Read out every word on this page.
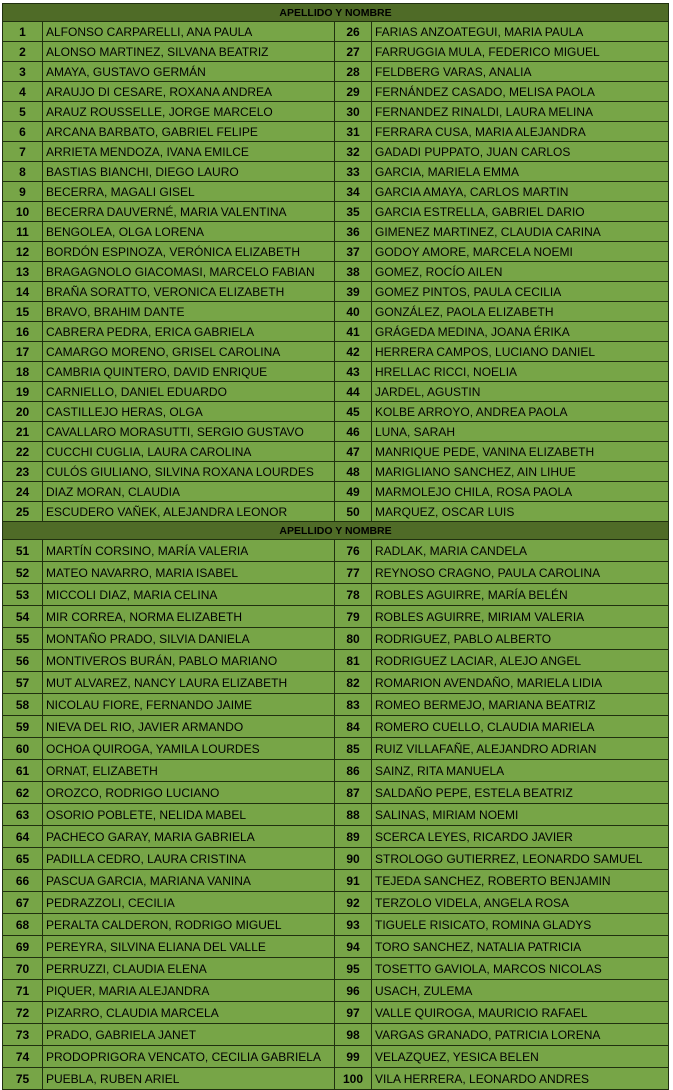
APELLIDO Y NOMBRE			
1	ALFONSO CARPARELLI, ANA PAULA	26	FARIAS ANZOATEGUI, MARIA PAULA
2	ALONSO MARTINEZ, SILVANA BEATRIZ	27	FARRUGGIA MULA, FEDERICO MIGUEL
3	AMAYA, GUSTAVO GERMÁN	28	FELDBERG VARAS, ANALIA
4	ARAUJO DI CESARE, ROXANA ANDREA	29	FERNÁNDEZ CASADO, MELISA PAOLA
5	ARAUZ ROUSSELLE, JORGE MARCELO	30	FERNANDEZ RINALDI, LAURA MELINA
6	ARCANA BARBATO, GABRIEL FELIPE	31	FERRARA CUSA, MARIA ALEJANDRA
7	ARRIETA MENDOZA, IVANA EMILCE	32	GADADI PUPPATO, JUAN CARLOS
8	BASTIAS BIANCHI, DIEGO LAURO	33	GARCIA, MARIELA EMMA
9	BECERRA, MAGALI GISEL	34	GARCIA AMAYA, CARLOS MARTIN
10	BECERRA DAUVERNÉ, MARIA VALENTINA	35	GARCIA ESTRELLA, GABRIEL DARIO
11	BENGOLEA, OLGA LORENA	36	GIMENEZ MARTINEZ, CLAUDIA CARINA
12	BORDÓN ESPINOZA, VERÓNICA ELIZABETH	37	GODOY AMORE, MARCELA NOEMI
13	BRAGAGNOLO GIACOMASI, MARCELO FABIAN	38	GOMEZ, ROCÍO AILEN
14	BRAÑA SORATTO, VERONICA ELIZABETH	39	GOMEZ PINTOS, PAULA CECILIA
15	BRAVO, BRAHIM DANTE	40	GONZÁLEZ, PAOLA ELIZABETH
16	CABRERA PEDRA, ERICA GABRIELA	41	GRÁGEDA MEDINA, JOANA ÉRIKA
17	CAMARGO MORENO, GRISEL CAROLINA	42	HERRERA CAMPOS, LUCIANO DANIEL
18	CAMBRIA QUINTERO, DAVID ENRIQUE	43	HRELLAC RICCI, NOELIA
19	CARNIELLO, DANIEL EDUARDO	44	JARDEL, AGUSTIN
20	CASTILLEJO HERAS, OLGA	45	KOLBE ARROYO, ANDREA PAOLA
21	CAVALLARO MORASUTTI, SERGIO GUSTAVO	46	LUNA, SARAH
22	CUCCHI CUGLIA, LAURA CAROLINA	47	MANRIQUE PEDE, VANINA ELIZABETH
23	CULÓS GIULIANO, SILVINA ROXANA LOURDES	48	MARIGLIANO SANCHEZ, AIN LIHUE
24	DIAZ MORAN, CLAUDIA	49	MARMOLEJO CHILA, ROSA PAOLA
25	ESCUDERO VAÑEK, ALEJANDRA LEONOR	50	MARQUEZ, OSCAR LUIS
APELLIDO Y NOMBRE			
51	MARTÍN CORSINO, MARÍA VALERIA	76	RADLAK, MARIA CANDELA
52	MATEO NAVARRO, MARIA ISABEL	77	REYNOSO CRAGNO, PAULA CAROLINA
53	MICCOLI DIAZ, MARIA CELINA	78	ROBLES AGUIRRE, MARÍA BELÉN
54	MIR CORREA, NORMA ELIZABETH	79	ROBLES AGUIRRE, MIRIAM VALERIA
55	MONTAÑO PRADO, SILVIA DANIELA	80	RODRIGUEZ, PABLO ALBERTO
56	MONTIVEROS BURÁN, PABLO MARIANO	81	RODRIGUEZ LACIAR, ALEJO ANGEL
57	MUT ALVAREZ, NANCY LAURA ELIZABETH	82	ROMARION AVENDAÑO, MARIELA LIDIA
58	NICOLAU FIORE, FERNANDO JAIME	83	ROMEO BERMEJO, MARIANA BEATRIZ
59	NIEVA DEL RIO, JAVIER ARMANDO	84	ROMERO CUELLO, CLAUDIA MARIELA
60	OCHOA QUIROGA, YAMILA LOURDES	85	RUIZ VILLAFAÑE, ALEJANDRO ADRIAN
61	ORNAT, ELIZABETH	86	SAINZ, RITA MANUELA
62	OROZCO, RODRIGO LUCIANO	87	SALDAÑO PEPE, ESTELA BEATRIZ
63	OSORIO POBLETE, NELIDA MABEL	88	SALINAS, MIRIAM NOEMI
64	PACHECO GARAY, MARIA GABRIELA	89	SCERCA LEYES, RICARDO JAVIER
65	PADILLA CEDRO, LAURA CRISTINA	90	STROLOGO GUTIERREZ, LEONARDO SAMUEL
66	PASCUA GARCIA, MARIANA VANINA	91	TEJEDA SANCHEZ, ROBERTO BENJAMIN
67	PEDRAZZOLI, CECILIA	92	TERZOLO VIDELA, ANGELA ROSA
68	PERALTA CALDERON, RODRIGO MIGUEL	93	TIGUELE RISICATO, ROMINA GLADYS
69	PEREYRA, SILVINA ELIANA DEL VALLE	94	TORO SANCHEZ, NATALIA PATRICIA
70	PERRUZZI, CLAUDIA ELENA	95	TOSETTO GAVIOLA, MARCOS NICOLAS
71	PIQUER, MARIA ALEJANDRA	96	USACH, ZULEMA
72	PIZARRO, CLAUDIA MARCELA	97	VALLE QUIROGA, MAURICIO RAFAEL
73	PRADO, GABRIELA JANET	98	VARGAS GRANADO, PATRICIA LORENA
74	PRODOPRIGORA VENCATO, CECILIA GABRIELA	99	VELAZQUEZ, YESICA BELEN
75	PUEBLA, RUBEN ARIEL	100	VILA HERRERA, LEONARDO ANDRES
